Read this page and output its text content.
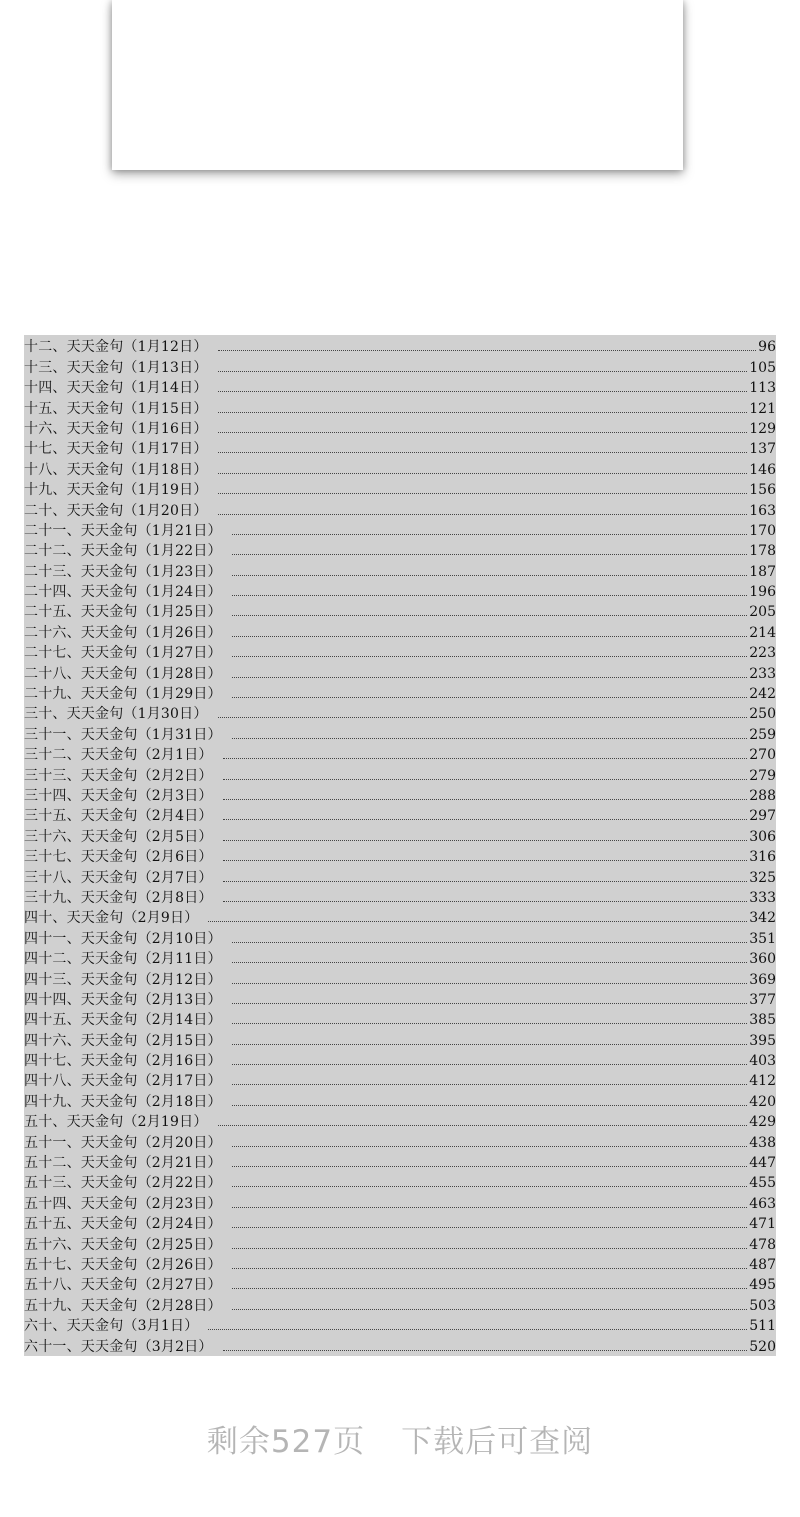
十二、天天金句（1月12日）	96
十三、天天金句（1月13日）	105
十四、天天金句（1月14日）	113
十五、天天金句（1月15日）	121
十六、天天金句（1月16日）	129
十七、天天金句（1月17日）	137
十八、天天金句（1月18日）	146
十九、天天金句（1月19日）	156
二十、天天金句（1月20日）	163
二十一、天天金句（1月21日）	170
二十二、天天金句（1月22日）	178
二十三、天天金句（1月23日）	187
二十四、天天金句（1月24日）	196
二十五、天天金句（1月25日）	205
二十六、天天金句（1月26日）	214
二十七、天天金句（1月27日）	223
二十八、天天金句（1月28日）	233
二十九、天天金句（1月29日）	242
三十、天天金句（1月30日）	250
三十一、天天金句（1月31日）	259
三十二、天天金句（2月1日）	270
三十三、天天金句（2月2日）	279
三十四、天天金句（2月3日）	288
三十五、天天金句（2月4日）	297
三十六、天天金句（2月5日）	306
三十七、天天金句（2月6日）	316
三十八、天天金句（2月7日）	325
三十九、天天金句（2月8日）	333
四十、天天金句（2月9日）	342
四十一、天天金句（2月10日）	351
四十二、天天金句（2月11日）	360
四十三、天天金句（2月12日）	369
四十四、天天金句（2月13日）	377
四十五、天天金句（2月14日）	385
四十六、天天金句（2月15日）	395
四十七、天天金句（2月16日）	403
四十八、天天金句（2月17日）	412
四十九、天天金句（2月18日）	420
五十、天天金句（2月19日）	429
五十一、天天金句（2月20日）	438
五十二、天天金句（2月21日）	447
五十三、天天金句（2月22日）	455
五十四、天天金句（2月23日）	463
五十五、天天金句（2月24日）	471
五十六、天天金句（2月25日）	478
五十七、天天金句（2月26日）	487
五十八、天天金句（2月27日）	495
五十九、天天金句（2月28日）	503
六十、天天金句（3月1日）	511
六十一、天天金句（3月2日）	520
剩余527页 下载后可查阅
